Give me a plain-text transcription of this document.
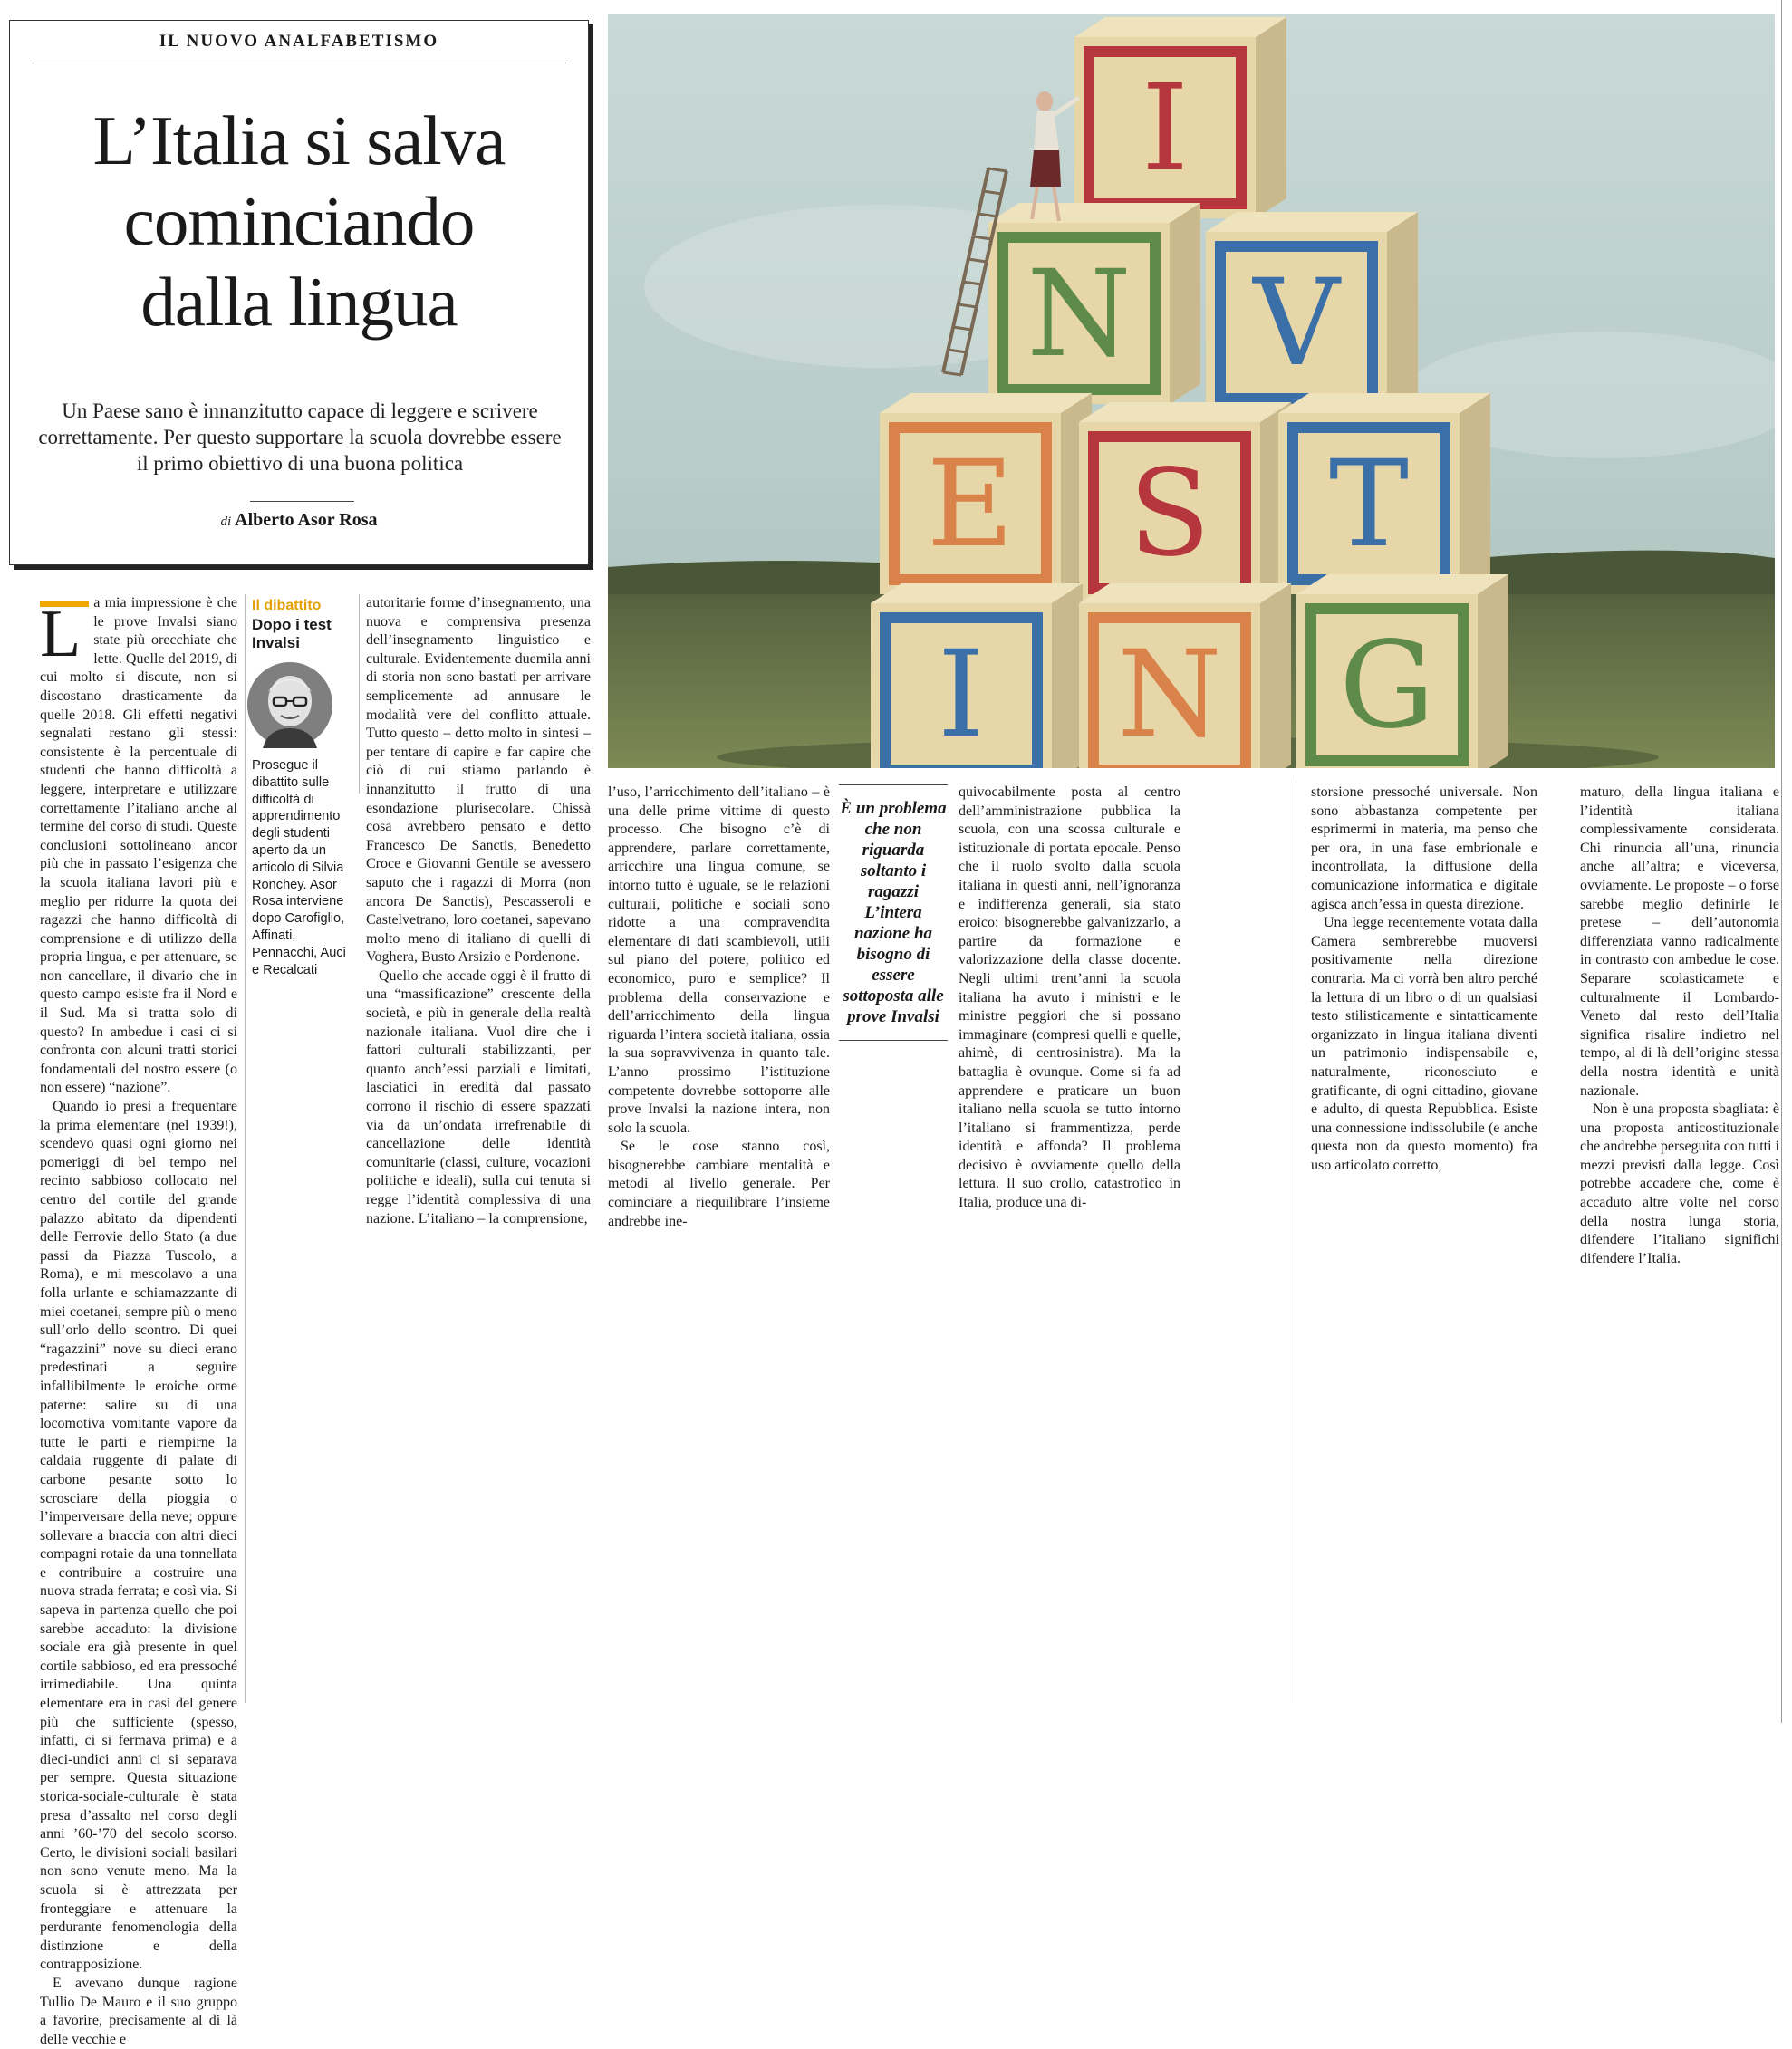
IL NUOVO ANALFABETISMO
L’Italia si salva
cominciando
dalla lingua
Un Paese sano è innanzitutto capace di leggere e scrivere correttamente. Per questo supportare la scuola dovrebbe essere il primo obiettivo di una buona politica
di Alberto Asor Rosa
I
N V
E S T
I N G

La mia impressione è che le prove Invalsi siano state più orecchiate che lette. Quelle del 2019, di cui molto si discute, non si discostano drasticamente da quelle 2018. Gli effetti negativi segnalati restano gli stessi: consistente è la percentuale di studenti che hanno difficoltà a leggere, interpretare e utilizzare correttamente l’italiano anche al termine del corso di studi. Queste conclusioni sottolineano ancor più che in passato l’esigenza che la scuola italiana lavori più e meglio per ridurre la quota dei ragazzi che hanno difficoltà di comprensione e di utilizzo della propria lingua, e per attenuare, se non cancellare, il divario che in questo campo esiste fra il Nord e il Sud. Ma si tratta solo di questo? In ambedue i casi ci si confronta con alcuni tratti storici fondamentali del nostro essere (o non essere) “nazione”.

Quando io presi a frequentare la prima elementare (nel 1939!), scendevo quasi ogni giorno nei pomeriggi di bel tempo nel recinto sabbioso collocato nel centro del cortile del grande palazzo abitato da dipendenti delle Ferrovie dello Stato (a due passi da Piazza Tuscolo, a Roma), e mi mescolavo a una folla urlante e schiamazzante di miei coetanei, sempre più o meno sull’orlo dello scontro. Di quei “ragazzini” nove su dieci erano predestinati a seguire infallibilmente le eroiche orme paterne: salire su di una locomotiva vomitante vapore da tutte le parti e riempirne la caldaia ruggente di palate di carbone pesante sotto lo scrosciare della pioggia o l’imperversare della neve; oppure sollevare a braccia con altri dieci compagni rotaie da una tonnellata e contribuire a costruire una nuova strada ferrata; e così via. Si sapeva in partenza quello che poi sarebbe accaduto: la divisione sociale era già presente in quel cortile sabbioso, ed era pressoché irrimediabile. Una quinta elementare era in casi del genere più che sufficiente (spesso, infatti, ci si fermava prima) e a dieci-undici anni ci si separava per sempre. Questa situazione storica-sociale-culturale è stata presa d’assalto nel corso degli anni ’60-’70 del secolo scorso. Certo, le divisioni sociali basilari non sono venute meno. Ma la scuola si è attrezzata per fronteggiare e attenuare la perdurante fenomenologia della distinzione e della contrapposizione.

E avevano dunque ragione Tullio De Mauro e il suo gruppo a favorire, precisamente al di là delle vecchie e

Il dibattito
Dopo i test Invalsi
Prosegue il dibattito sulle difficoltà di apprendimento degli studenti aperto da un articolo di Silvia Ronchey. Asor Rosa interviene dopo Carofiglio, Affinati, Pennacchi, Auci e Recalcati

autoritarie forme d’insegnamento, una nuova e comprensiva presenza dell’insegnamento linguistico e culturale. Evidentemente duemila anni di storia non sono bastati per arrivare semplicemente ad annusare le modalità vere del conflitto attuale. Tutto questo – detto molto in sintesi – per tentare di capire e far capire che ciò di cui stiamo parlando è innanzitutto il frutto di una esondazione plurisecolare. Chissà cosa avrebbero pensato e detto Francesco De Sanctis, Benedetto Croce e Giovanni Gentile se avessero saputo che i ragazzi di Morra (non ancora De Sanctis), Pescasseroli e Castelvetrano, loro coetanei, sapevano molto meno di italiano di quelli di Voghera, Busto Arsizio e Pordenone.

Quello che accade oggi è il frutto di una “massificazione” crescente della società, e più in generale della realtà nazionale italiana. Vuol dire che i fattori culturali stabilizzanti, per quanto anch’essi parziali e limitati, lasciatici in eredità dal passato corrono il rischio di essere spazzati via da un’ondata irrefrenabile di cancellazione delle identità comunitarie (classi, culture, vocazioni politiche e ideali), sulla cui tenuta si regge l’identità complessiva di una nazione. L’italiano – la comprensione,

l’uso, l’arricchimento dell’italiano – è una delle prime vittime di questo processo. Che bisogno c’è di apprendere, parlare correttamente, arricchire una lingua comune, se intorno tutto è uguale, se le relazioni culturali, politiche e sociali sono ridotte a una compravendita elementare di dati scambievoli, utili sul piano del potere, politico ed economico, puro e semplice? Il problema della conservazione e dell’arricchimento della lingua riguarda l’intera società italiana, ossia la sua sopravvivenza in quanto tale. L’anno prossimo l’istituzione competente dovrebbe sottoporre alle prove Invalsi la nazione intera, non solo la scuola.

Se le cose stanno così, bisognerebbe cambiare mentalità e metodi al livello generale. Per cominciare a riequilibrare l’insieme andrebbe ine-

È un problema che non riguarda soltanto i ragazzi L’intera nazione ha bisogno di essere sottoposta alle prove Invalsi

quivocabilmente posta al centro dell’amministrazione pubblica la scuola, con una scossa culturale e istituzionale di portata epocale. Penso che il ruolo svolto dalla scuola italiana in questi anni, nell’ignoranza e indifferenza generali, sia stato eroico: bisognerebbe galvanizzarlo, a partire da formazione e valorizzazione della classe docente. Negli ultimi trent’anni la scuola italiana ha avuto i ministri e le ministre peggiori che si possano immaginare (compresi quelli e quelle, ahimè, di centrosinistra). Ma la battaglia è ovunque. Come si fa ad apprendere e praticare un buon italiano nella scuola se tutto intorno l’italiano si frammentizza, perde identità e affonda? Il problema decisivo è ovviamente quello della lettura. Il suo crollo, catastrofico in Italia, produce una di-

storsione pressoché universale. Non sono abbastanza competente per esprimermi in materia, ma penso che per ora, in una fase embrionale e incontrollata, la diffusione della comunicazione informatica e digitale agisca anch’essa in questa direzione.

Una legge recentemente votata dalla Camera sembrerebbe muoversi positivamente nella direzione contraria. Ma ci vorrà ben altro perché la lettura di un libro o di un qualsiasi testo stilisticamente e sintatticamente organizzato in lingua italiana diventi un patrimonio indispensabile e, naturalmente, riconosciuto e gratificante, di ogni cittadino, giovane e adulto, di questa Repubblica. Esiste una connessione indissolubile (e anche questa non da questo momento) fra uso articolato corretto,

maturo, della lingua italiana e l’identità italiana complessivamente considerata. Chi rinuncia all’una, rinuncia anche all’altra; e viceversa, ovviamente. Le proposte – o forse sarebbe meglio definirle le pretese – dell’autonomia differenziata vanno radicalmente in contrasto con ambedue le cose. Separare scolasticamete e culturalmente il Lombardo-Veneto dal resto dell’Italia significa risalire indietro nel tempo, al di là dell’origine stessa della nostra identità e unità nazionale.

Non è una proposta sbagliata: è una proposta anticostituzionale che andrebbe perseguita con tutti i mezzi previsti dalla legge. Così potrebbe accadere che, come è accaduto altre volte nel corso della nostra lunga storia, difendere l’italiano significhi difendere l’Italia.
